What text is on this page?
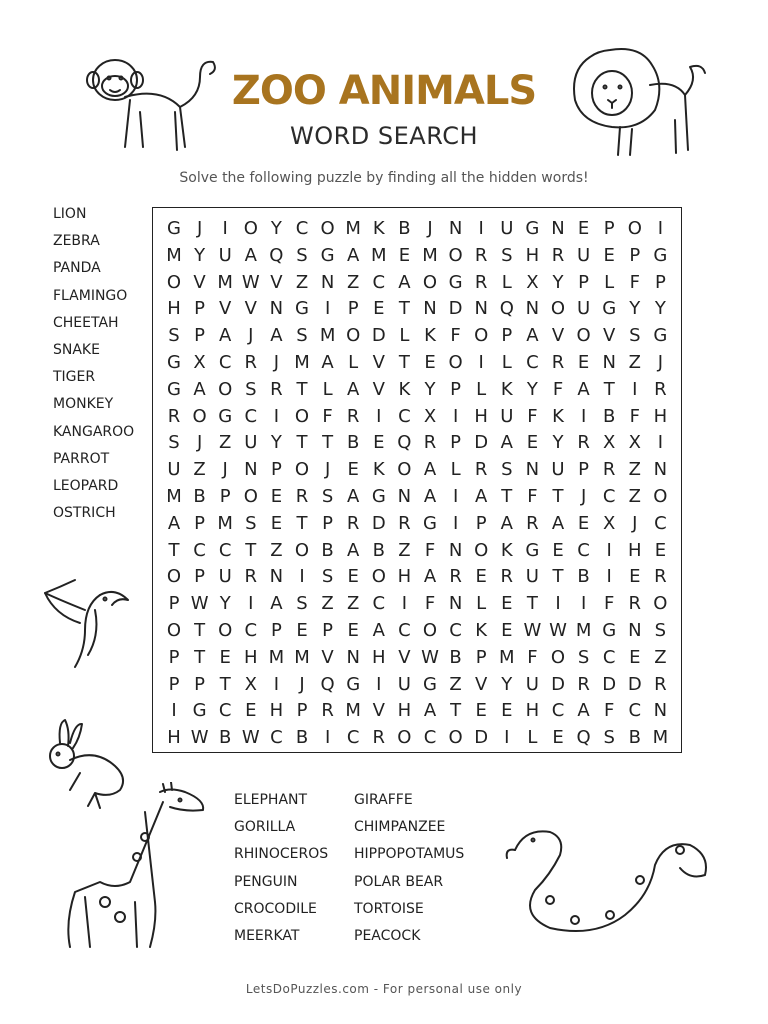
ZOO ANIMALS
WORD SEARCH
Solve the following puzzle by finding all the hidden words!
LION
ZEBRA
PANDA
FLAMINGO
CHEETAH
SNAKE
TIGER
MONKEY
KANGAROO
PARROT
LEOPARD
OSTRICH
G J	I O Y C O M K B J N I U G N E P O I
M Y U A Q S G A M E M O R S H R U E P G
O V M W V Z N Z C A O G R L X Y P L F P
H P V V N G I P E T N D N Q N O U G Y Y
S P A J A S M O D L K F O P A V O V S G
G X C R J M A L V T E O I L C R E N Z J
G A O S R T L A V K Y P L K Y F A T I R
R O G C I O F R I C X I H U F K I B F H
S J Z U Y T T B E Q R P D A E Y R X X I
U Z J N P O J E K O A L R S N U P R Z N
M B P O E R S A G N A I A T F T J C Z O
A P M S E T P R D R G I P A R A E X J C
T C C T Z O B A B Z F N O K G E C I H E
O P U R N I S E O H A R E R U T B I E R
P W Y I A S Z Z C I F N L E T I	I F R O
O T O C P E P E A C O C K E W W M G N S
P T E H M M V N H V W B P M F O S C E Z
P P T X I	J Q G I U G Z V Y U D R D D R
I G C E H P R M V H A T E E H C A F C N
H W B W C B I C R O C O D I L E Q S B M
ELEPHANT
GORILLA
RHINOCEROS
PENGUIN
CROCODILE
MEERKAT
GIRAFFE
CHIMPANZEE
HIPPOPOTAMUS
POLAR BEAR
TORTOISE
PEACOCK
LetsDoPuzzles.com - For personal use only
